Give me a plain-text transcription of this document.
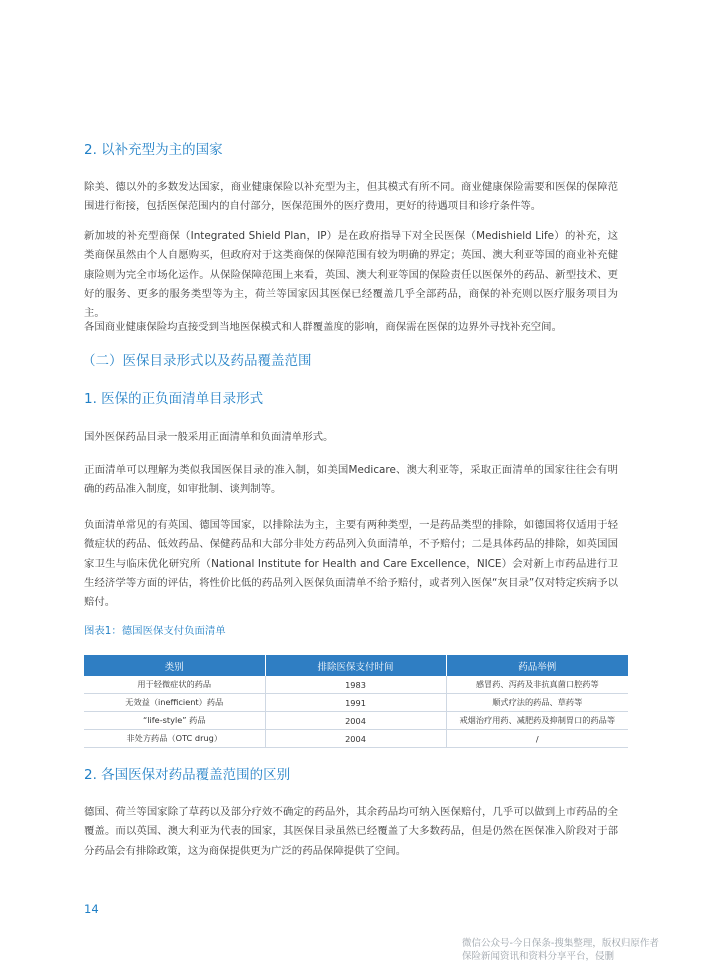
2. 以补充型为主的国家

除美、德以外的多数发达国家，商业健康保险以补充型为主，但其模式有所不同。商业健康保险需要和医保的保障范围进行衔接，包括医保范围内的自付部分，医保范围外的医疗费用，更好的待遇项目和诊疗条件等。

新加坡的补充型商保（Integrated Shield Plan，IP）是在政府指导下对全民医保（Medishield Life）的补充，这类商保虽然由个人自愿购买，但政府对于这类商保的保障范围有较为明确的界定；英国、澳大利亚等国的商业补充健康险则为完全市场化运作。从保险保障范围上来看，英国、澳大利亚等国的保险责任以医保外的药品、新型技术、更好的服务、更多的服务类型等为主，荷兰等国家因其医保已经覆盖几乎全部药品，商保的补充则以医疗服务项目为主。

各国商业健康保险均直接受到当地医保模式和人群覆盖度的影响，商保需在医保的边界外寻找补充空间。

（二）医保目录形式以及药品覆盖范围
1. 医保的正负面清单目录形式

国外医保药品目录一般采用正面清单和负面清单形式。

正面清单可以理解为类似我国医保目录的准入制，如美国Medicare、澳大利亚等，采取正面清单的国家往往会有明确的药品准入制度，如审批制、谈判制等。

负面清单常见的有英国、德国等国家，以排除法为主，主要有两种类型，一是药品类型的排除，如德国将仅适用于轻微症状的药品、低效药品、保健药品和大部分非处方药品列入负面清单，不予赔付；二是具体药品的排除，如英国国家卫生与临床优化研究所（National Institute for Health and Care Excellence，NICE）会对新上市药品进行卫生经济学等方面的评估，将性价比低的药品列入医保负面清单不给予赔付，或者列入医保“灰目录”仅对特定疾病予以赔付。

图表1：德国医保支付负面清单

类别	排除医保支付时间	药品举例
用于轻微症状的药品	1983	感冒药、泻药及非抗真菌口腔药等
无效益（inefficient）药品	1991	顺式疗法的药品、草药等
“life-style” 药品	2004	戒烟治疗用药、减肥药及抑制胃口的药品等
非处方药品（OTC drug）	2004	/
2. 各国医保对药品覆盖范围的区别

德国、荷兰等国家除了草药以及部分疗效不确定的药品外，其余药品均可纳入医保赔付，几乎可以做到上市药品的全覆盖。而以英国、澳大利亚为代表的国家，其医保目录虽然已经覆盖了大多数药品，但是仍然在医保准入阶段对于部分药品会有排除政策，这为商保提供更为广泛的药品保障提供了空间。

14

微信公众号-今日保条-搜集整理，版权归原作者
保险新闻资讯和资料分享平台，侵删
